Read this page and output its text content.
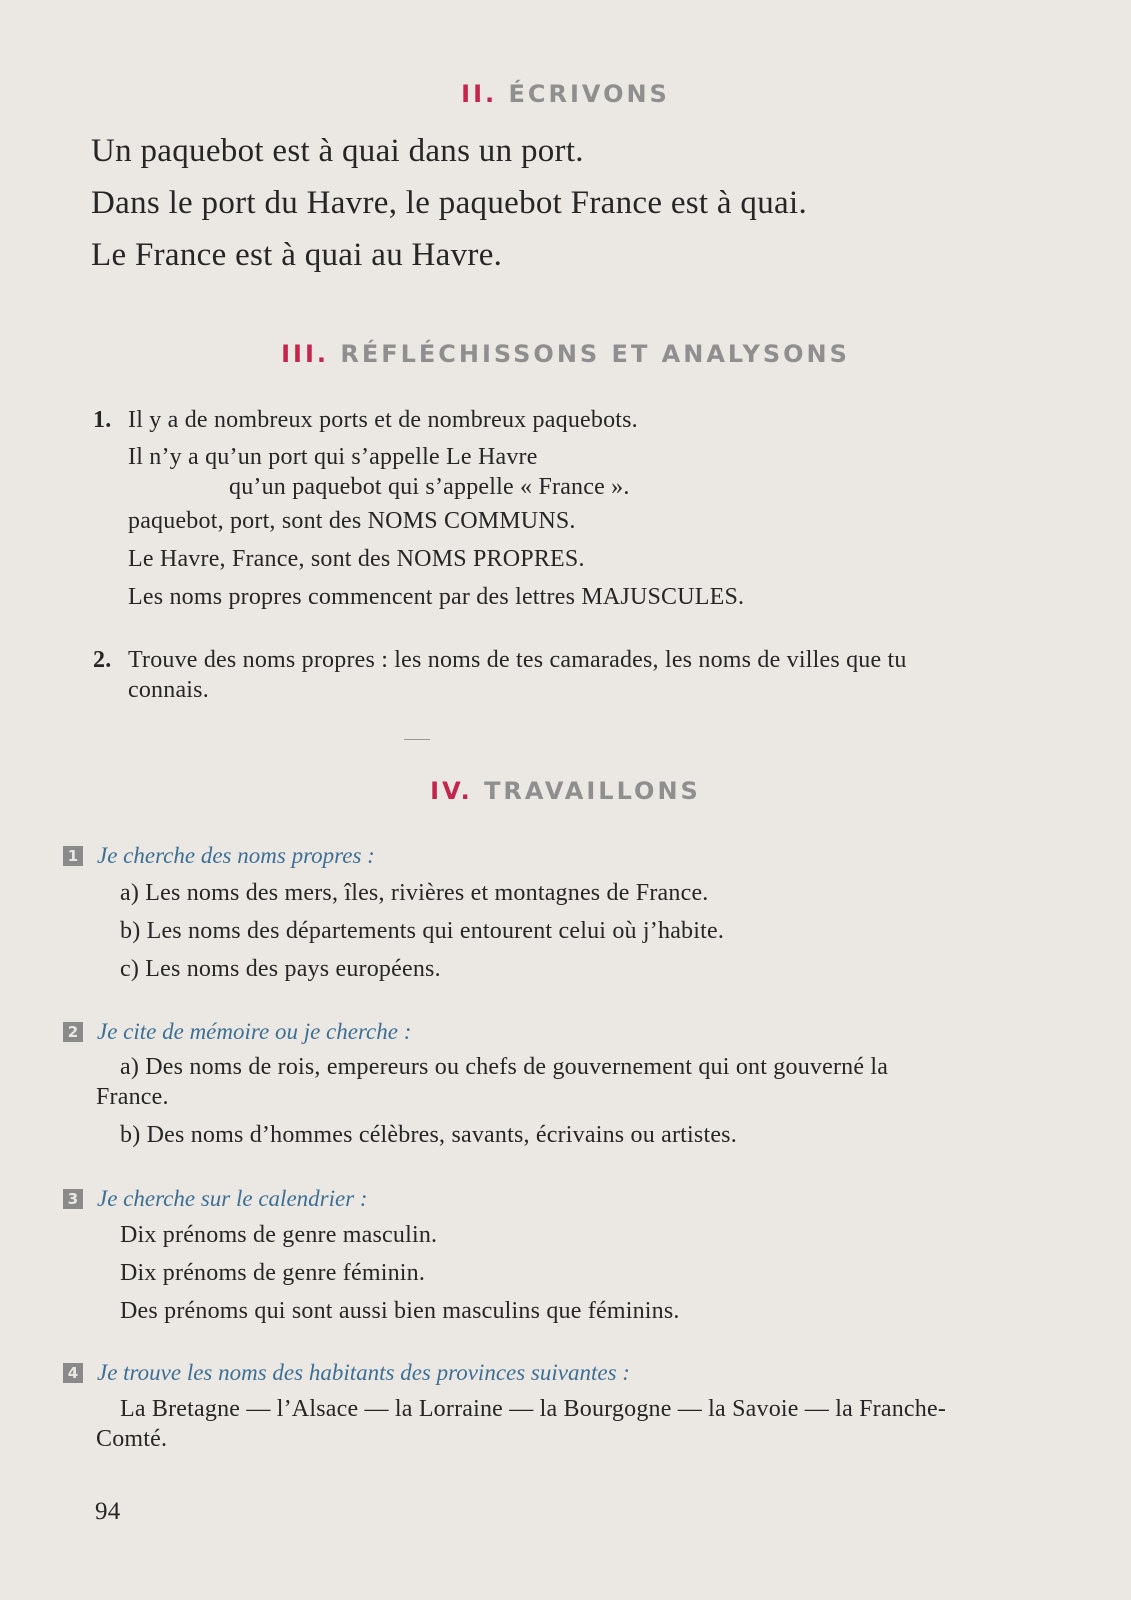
II. ÉCRIVONS
Un paquebot est à quai dans un port.
Dans le port du Havre, le paquebot France est à quai.
Le France est à quai au Havre.
III. RÉFLÉCHISSONS ET ANALYSONS
1. Il y a de nombreux ports et de nombreux paquebots.
Il n’y a qu’un port qui s’appelle Le Havre
qu’un paquebot qui s’appelle « France ».
paquebot, port, sont des NOMS COMMUNS.
Le Havre, France, sont des NOMS PROPRES.
Les noms propres commencent par des lettres MAJUSCULES.
2. Trouve des noms propres : les noms de tes camarades, les noms de villes que tu
connais.
IV. TRAVAILLONS
1 Je cherche des noms propres :
a) Les noms des mers, îles, rivières et montagnes de France.
b) Les noms des départements qui entourent celui où j’habite.
c) Les noms des pays européens.
2 Je cite de mémoire ou je cherche :
a) Des noms de rois, empereurs ou chefs de gouvernement qui ont gouverné la
France.
b) Des noms d’hommes célèbres, savants, écrivains ou artistes.
3 Je cherche sur le calendrier :
Dix prénoms de genre masculin.
Dix prénoms de genre féminin.
Des prénoms qui sont aussi bien masculins que féminins.
4 Je trouve les noms des habitants des provinces suivantes :
La Bretagne — l’Alsace — la Lorraine — la Bourgogne — la Savoie — la Franche-
Comté.
94
